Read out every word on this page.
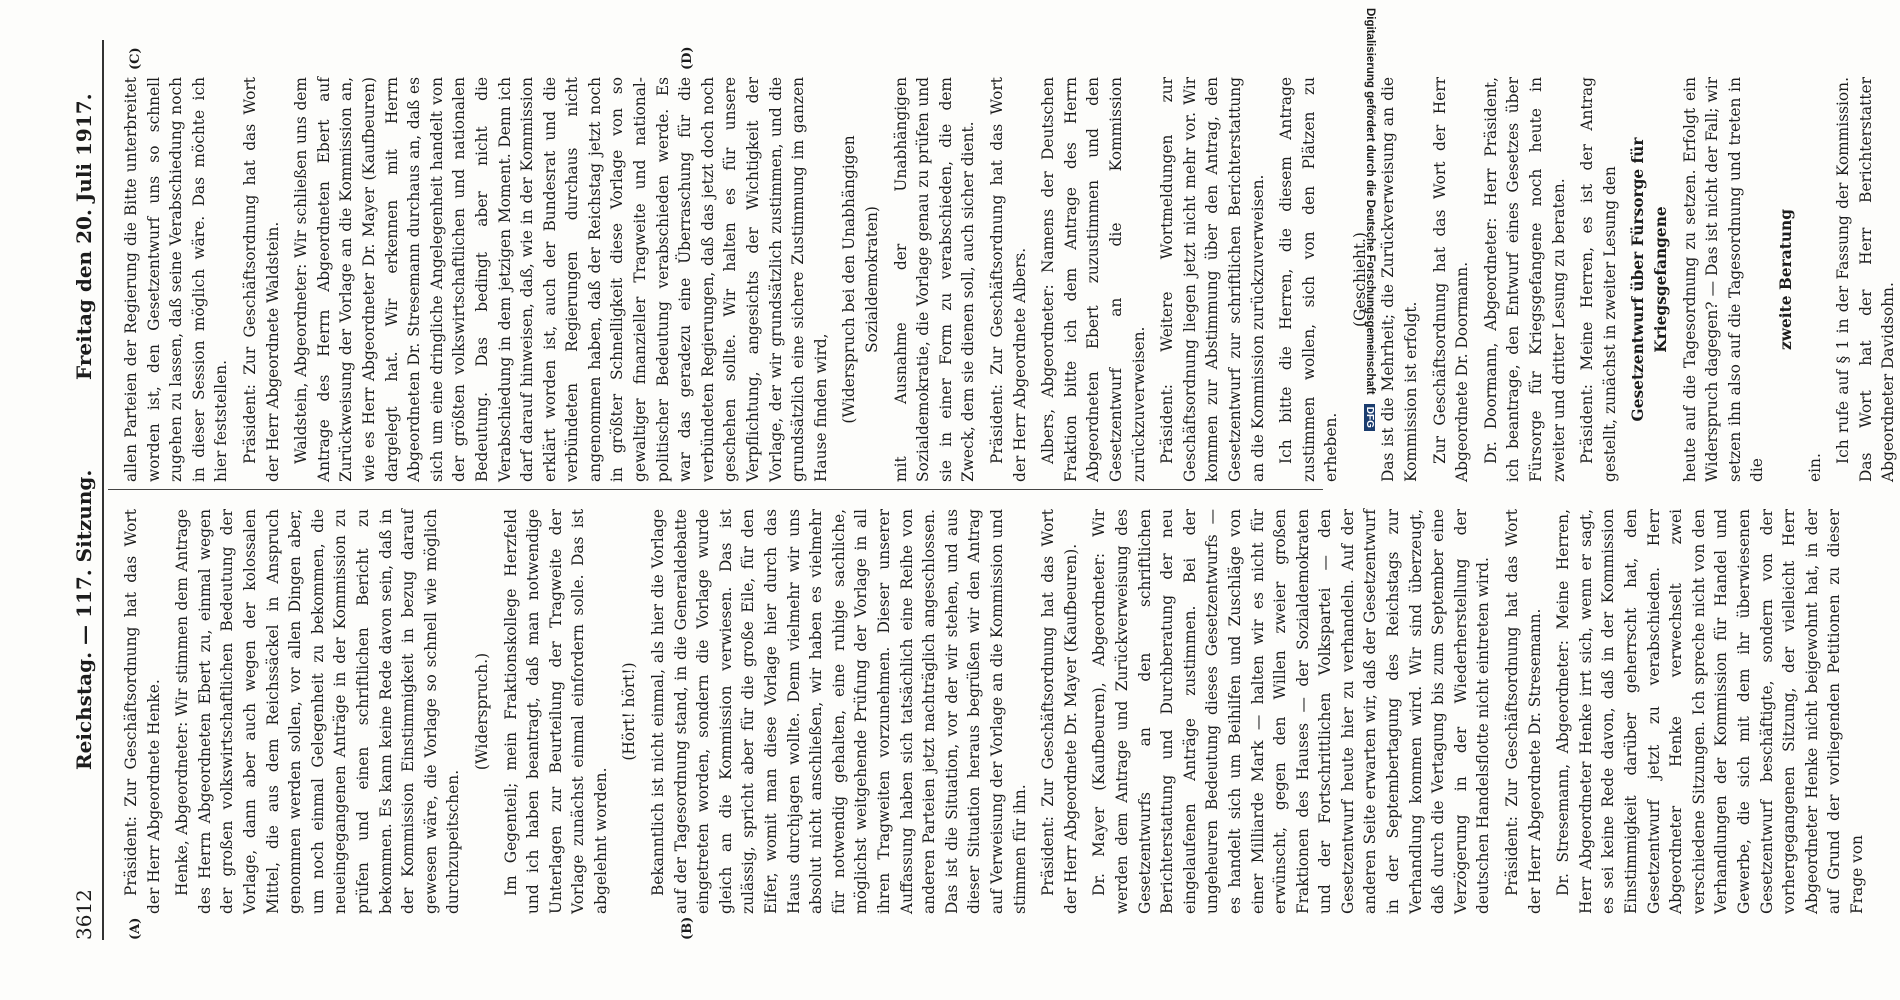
3612
Reichstag. — 117. Sitzung.
Freitag den 20. Juli 1917.
(A)	(B)
(C)	(D)

Präsident: Zur Geschäftsordnung hat das Wort der Herr Abgeordnete Henke. Henke, Abgeordneter: Wir stimmen dem Antrage des Herrn Abgeordneten Ebert zu, einmal wegen der großen volkswirtschaftlichen Bedeutung der Vorlage, dann aber auch wegen der kolossalen Mittel, die aus dem Reichssäckel in Anspruch genommen werden sollen, vor allen Dingen aber, um noch einmal Gelegenheit zu bekommen, die neueingegangenen Anträge in der Kommission zu prüfen und einen schriftlichen Bericht zu bekommen. Es kann keine Rede davon sein, daß in der Kommission Einstimmigkeit in bezug darauf gewesen wäre, die Vorlage so schnell wie möglich durchzupeitschen.

(Widerspruch.) Im Gegenteil; mein Fraktionskollege Herzfeld und ich haben beantragt, daß man notwendige Unterlagen zur Beurteilung der Tragweite der Vorlage zunächst einmal einfordern solle. Das ist abgelehnt worden.

(Hört! hört!) Bekanntlich ist nicht einmal, als hier die Vorlage auf der Tagesordnung stand, in die Generaldebatte eingetreten worden, sondern die Vorlage wurde gleich an die Kommission verwiesen. Das ist zulässig, spricht aber für die große Eile, für den Eifer, womit man diese Vorlage hier durch das Haus durchjagen wollte. Denn vielmehr wir uns absolut nicht anschließen, wir haben es vielmehr für notwendig gehalten, eine ruhige sachliche, möglichst weitgehende Prüfung der Vorlage in all ihren Tragweiten vorzunehmen. Dieser unserer Auffassung haben sich tatsächlich eine Reihe von anderen Parteien jetzt nachträglich angeschlossen. Das ist die Situation, vor der wir stehen, und aus dieser Situation heraus begrüßen wir den Antrag auf Verweisung der Vorlage an die Kommission und stimmen für ihn. Präsident: Zur Geschäftsordnung hat das Wort der Herr Abgeordnete Dr. Mayer (Kaufbeuren). Dr. Mayer (Kaufbeuren), Abgeordneter: Wir werden dem Antrage und Zurückverweisung des Gesetzentwurfs an den schriftlichen Berichterstattung und Durchberatung der neu eingelaufenen Anträge zustimmen. Bei der ungeheuren Bedeutung dieses Gesetzentwurfs — es handelt sich um Beihilfen und Zuschläge von einer Milliarde Mark — halten wir es nicht für erwünscht, gegen den Willen zweier großen Fraktionen des Hauses — der Sozialdemokraten und der Fortschrittlichen Volkspartei — den Gesetzentwurf heute hier zu verhandeln. Auf der anderen Seite erwarten wir, daß der Gesetzentwurf in der Septembertagung des Reichstags zur Verhandlung kommen wird. Wir sind überzeugt, daß durch die Vertagung bis zum September eine Verzögerung in der Wiederherstellung der deutschen Handelsflotte nicht eintreten wird. Präsident: Zur Geschäftsordnung hat das Wort der Herr Abgeordnete Dr. Stresemann. Dr. Stresemann, Abgeordneter: Meine Herren, Herr Abgeordneter Henke irrt sich, wenn er sagt, es sei keine Rede davon, daß in der Kommission Einstimmigkeit darüber geherrscht hat, den Gesetzentwurf jetzt zu verabschieden. Herr Abgeordneter Henke verwechselt zwei verschiedene Sitzungen. Ich spreche nicht von den Verhandlungen der Kommission für Handel und Gewerbe, die sich mit dem ihr überwiesenen Gesetzentwurf beschäftigte, sondern von der vorhergegangenen Sitzung, der vielleicht Herr Abgeordneter Henke nicht beigewohnt hat, in der auf Grund der vorliegenden Petitionen zu dieser Frage von

allen Parteien der Regierung die Bitte unterbreitet worden ist, den Gesetzentwurf uns so schnell zugehen zu lassen, daß seine Verabschiedung noch in dieser Session möglich wäre. Das möchte ich hier feststellen. Präsident: Zur Geschäftsordnung hat das Wort der Herr Abgeordnete Waldstein. Waldstein, Abgeordneter: Wir schließen uns dem Antrage des Herrn Abgeordneten Ebert auf Zurückweisung der Vorlage an die Kommission an, wie es Herr Abgeordneter Dr. Mayer (Kaufbeuren) dargelegt hat. Wir erkennen mit Herrn Abgeordneten Dr. Stresemann durchaus an, daß es sich um eine dringliche Angelegenheit handelt von der größten volkswirtschaftlichen und nationalen Bedeutung. Das bedingt aber nicht die Verabschiedung in dem jetzigen Moment. Denn ich darf darauf hinweisen, daß, wie in der Kommission erklärt worden ist, auch der Bundesrat und die verbündeten Regierungen durchaus nicht angenommen haben, daß der Reichstag jetzt noch in größter Schnelligkeit diese Vorlage von so gewaltiger finanzieller Tragweite und national-politischer Bedeutung verabschieden werde. Es war das geradezu eine Überraschung für die verbündeten Regierungen, daß das jetzt doch noch geschehen sollte. Wir halten es für unsere Verpflichtung, angesichts der Wichtigkeit der Vorlage, der wir grundsätzlich zustimmen, und die grundsätzlich eine sichere Zustimmung im ganzen Hause finden wird, (Widerspruch bei den Unabhängigen Sozialdemokraten) mit Ausnahme der Unabhängigen Sozialdemokratie, die Vorlage genau zu prüfen und sie in einer Form zu verabschieden, die dem Zweck, dem sie dienen soll, auch sicher dient. Präsident: Zur Geschäftsordnung hat das Wort der Herr Abgeordnete Albers. Albers, Abgeordneter: Namens der Deutschen Fraktion bitte ich dem Antrage des Herrn Abgeordneten Ebert zuzustimmen und den Gesetzentwurf an die Kommission zurückzuverweisen. Präsident: Weitere Wortmeldungen zur Geschäftsordnung liegen jetzt nicht mehr vor. Wir kommen zur Abstimmung über den Antrag, den Gesetzentwurf zur schriftlichen Berichterstattung an die Kommission zurückzuverweisen. Ich bitte die Herren, die diesem Antrage zustimmen wollen, sich von den Plätzen zu erheben.

(Geschieht.) Das ist die Mehrheit; die Zurückverweisung an die Kommission ist erfolgt. Zur Geschäftsordnung hat das Wort der Herr Abgeordnete Dr. Doormann. Dr. Doormann, Abgeordneter: Herr Präsident, ich beantrage, den Entwurf eines Gesetzes über Fürsorge für Kriegsgefangene noch heute in zweiter und dritter Lesung zu beraten. Präsident: Meine Herren, es ist der Antrag gestellt, zunächst in zweiter Lesung den Gesetzentwurf über Fürsorge für Kriegsgefangene heute auf die Tagesordnung zu setzen. Erfolgt ein Widerspruch dagegen? — Das ist nicht der Fall; wir setzen ihn also auf die Tagesordnung und treten in die

zweite Beratung

ein.

Ich rufe auf § 1 in der Fassung der Kommission. Das Wort hat der Herr Berichterstatter Abgeordneter Davidsohn.

Digitalisierung gefördert durch die Deutsche Forschungsgemeinschaft DFG
